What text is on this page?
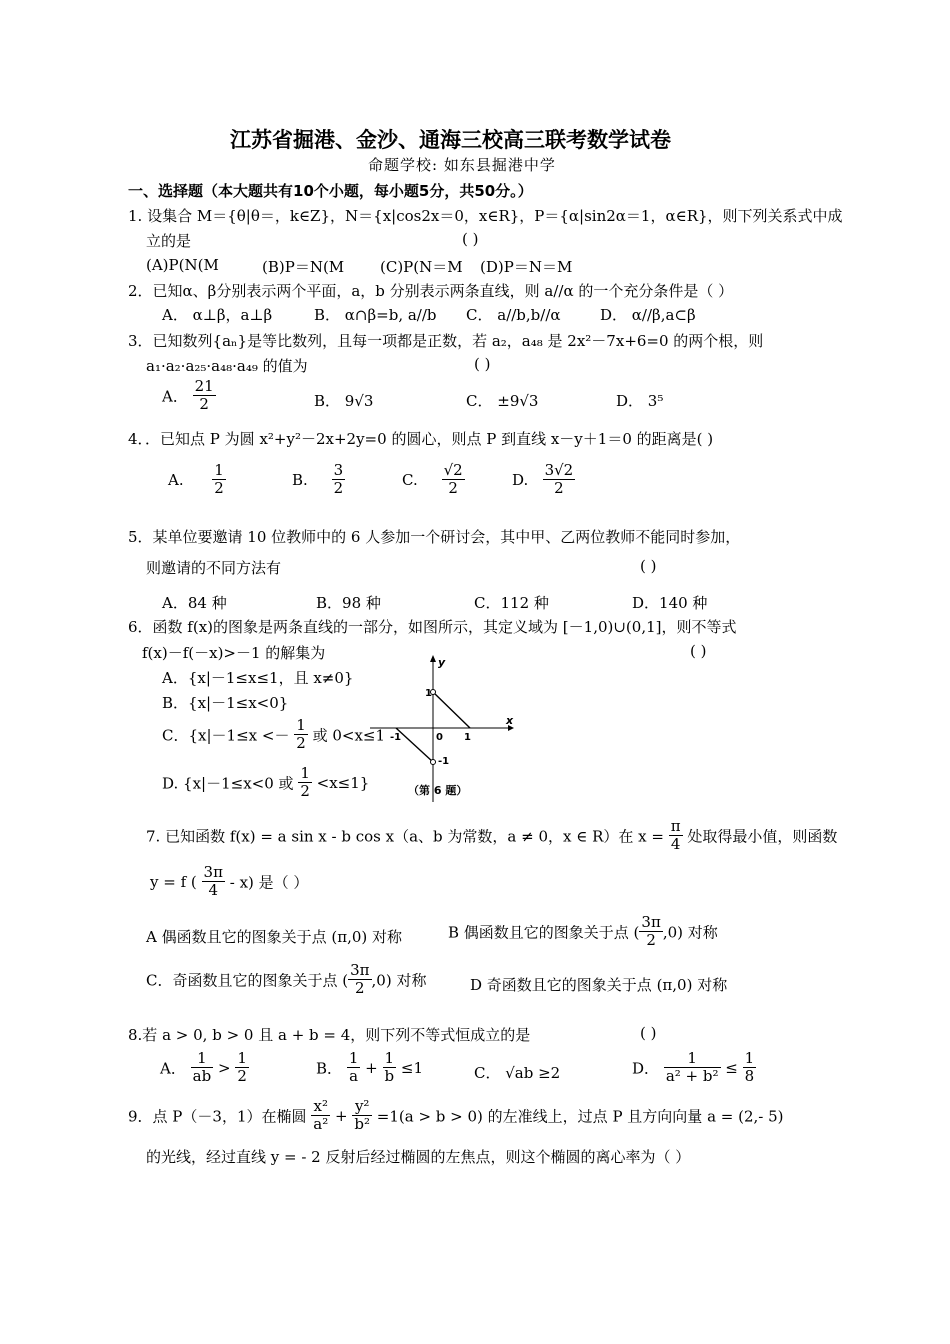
江苏省掘港、金沙、通海三校高三联考数学试卷
命题学校: 如东县掘港中学
一、选择题（本大题共有10个小题，每小题5分，共50分。）
1. 设集合 M＝{θ|θ＝，k∈Z}，N＝{x|cos2x＝0，x∈R}，P＝{α|sin2α＝1，α∈R}，则下列关系式中成
立的是	( )
(A)P(N(M	(B)P＝N(M (C)P(N＝M (D)P＝N＝M
2．已知α、β分别表示两个平面，a，b 分别表示两条直线，则 a//α 的一个充分条件是（ ）
A． α⊥β，a⊥β	B． α∩β=b, a//b C． a//b,b//α	D． α//β,a⊂β
3．已知数列{aₙ}是等比数列，且每一项都是正数，若 a₂，a₄₈ 是 2x²－7x+6=0 的两个根，则
a₁·a₂·a₂₅·a₄₈·a₄₉ 的值为	( )
A． $\frac{21}{2}$	B． 9√3	C． ±9√3	D． 3⁵
4．．已知点 P 为圆 x²+y²－2x+2y=0 的圆心，则点 P 到直线 x－y＋1＝0 的距离是( )
A. $\frac{1}{2}$	B. $\frac{3}{2}$	C. $\frac{√2}{2}$	D. $\frac{3√2}{2}$
5．某单位要邀请 10 位教师中的 6 人参加一个研讨会，其中甲、乙两位教师不能同时参加，
则邀请的不同方法有	( )
A．84 种	B．98 种	C．112 种	D．140 种
6．函数 f(x)的图象是两条直线的一部分，如图所示，其定义域为 [－1,0)∪(0,1]，则不等式
f(x)－f(－x)>－1 的解集为	( )
A．{x|－1≤x≤1，且 x≠0}
B．{x|－1≤x<0}
C．{$x|-1\le x <- \frac{1}{2}$ 或 0<x≤1
D. {x|－1≤x<0 或 $\frac{1}{2} <x\le 1$}
y
x
1
-1	0 1
-1
（第 6 题）
7. 已知函数 f(x) = a sin x - b cos x（a、b 为常数，a ≠ 0，x ∈ R）在 $x = \frac{\pi}{4}$ 处取得最小值，则函数
y = f ( $\frac{3\pi}{4} - x$) 是（ ）
A 偶函数且它的图象关于点 (π,0) 对称	B 偶函数且它的图象关于点 ( $\frac{3\pi}{2} ,0$) 对称
C．奇函数且它的图象关于点 ( $\frac{3\pi}{2} ,0$) 对称	D 奇函数且它的图象关于点 (π,0) 对称
8.若 a > 0, b > 0 且 a + b = 4，则下列不等式恒成立的是	( )
A． $\frac{1}{ab} > \frac{1}{2}$	B． $\frac{1}{a} + \frac{1}{b} \le 1$	C． √ab ≥2	D． $\frac{1}{\text{a² + b²}} \le \frac{1}{8}$
9．点 P（－3，1）在椭圆 $\frac{\text{x²}}{\text{a²}} + \frac{\text{y²}}{\text{b²}} =1(a > b > 0)$ 的左准线上，过点 P 且方向向量 a = (2,- 5)
的光线，经过直线 y = - 2 反射后经过椭圆的左焦点，则这个椭圆的离心率为（ ）
